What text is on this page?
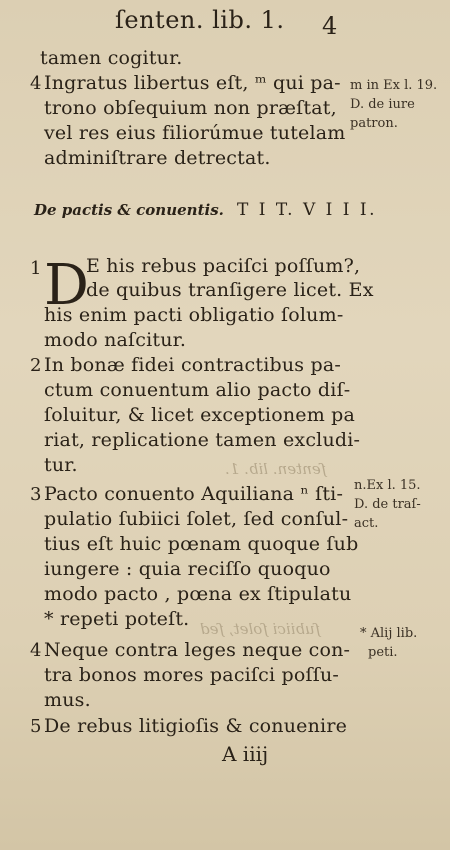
ſenten. lib. 1. 4
ſenten. lib. 1.
ſubiici ſolet, ſed
tamen cogitur.
4 Ingratus libertus eſt, ᵐ qui pa-
trono obſequium non præſtat,
vel res eius filiorúmue tutelam
adminiſtrare detrectat.
m in Ex l. 19.
D. de iure
patron.
De pactis & conuentis. T I T. V I I I.
1 D
E his rebus paciſci poſſum?,
de quibus tranſigere licet. Ex
his enim pacti obligatio ſolum-
modo naſcitur.
2 In bonæ fidei contractibus pa-
ctum conuentum alio pacto diſ-
ſoluitur, & licet exceptionem pa
riat, replicatione tamen excludi-
tur.
3 Pacto conuento Aquiliana ⁿ ſti-
pulatio ſubiici ſolet, ſed conſul-
tius eſt huic pœnam quoque ſub
iungere : quia reciſſo quoquo
modo pacto , pœna ex ſtipulatu
* repeti poteſt.
n.Ex l. 15.
D. de traſ-
act.
4 Neque contra leges neque con-
tra bonos mores paciſci poſſu-
mus.
* Alij lib.
peti.
5 De rebus litigioſis & conuenire
A iiij
